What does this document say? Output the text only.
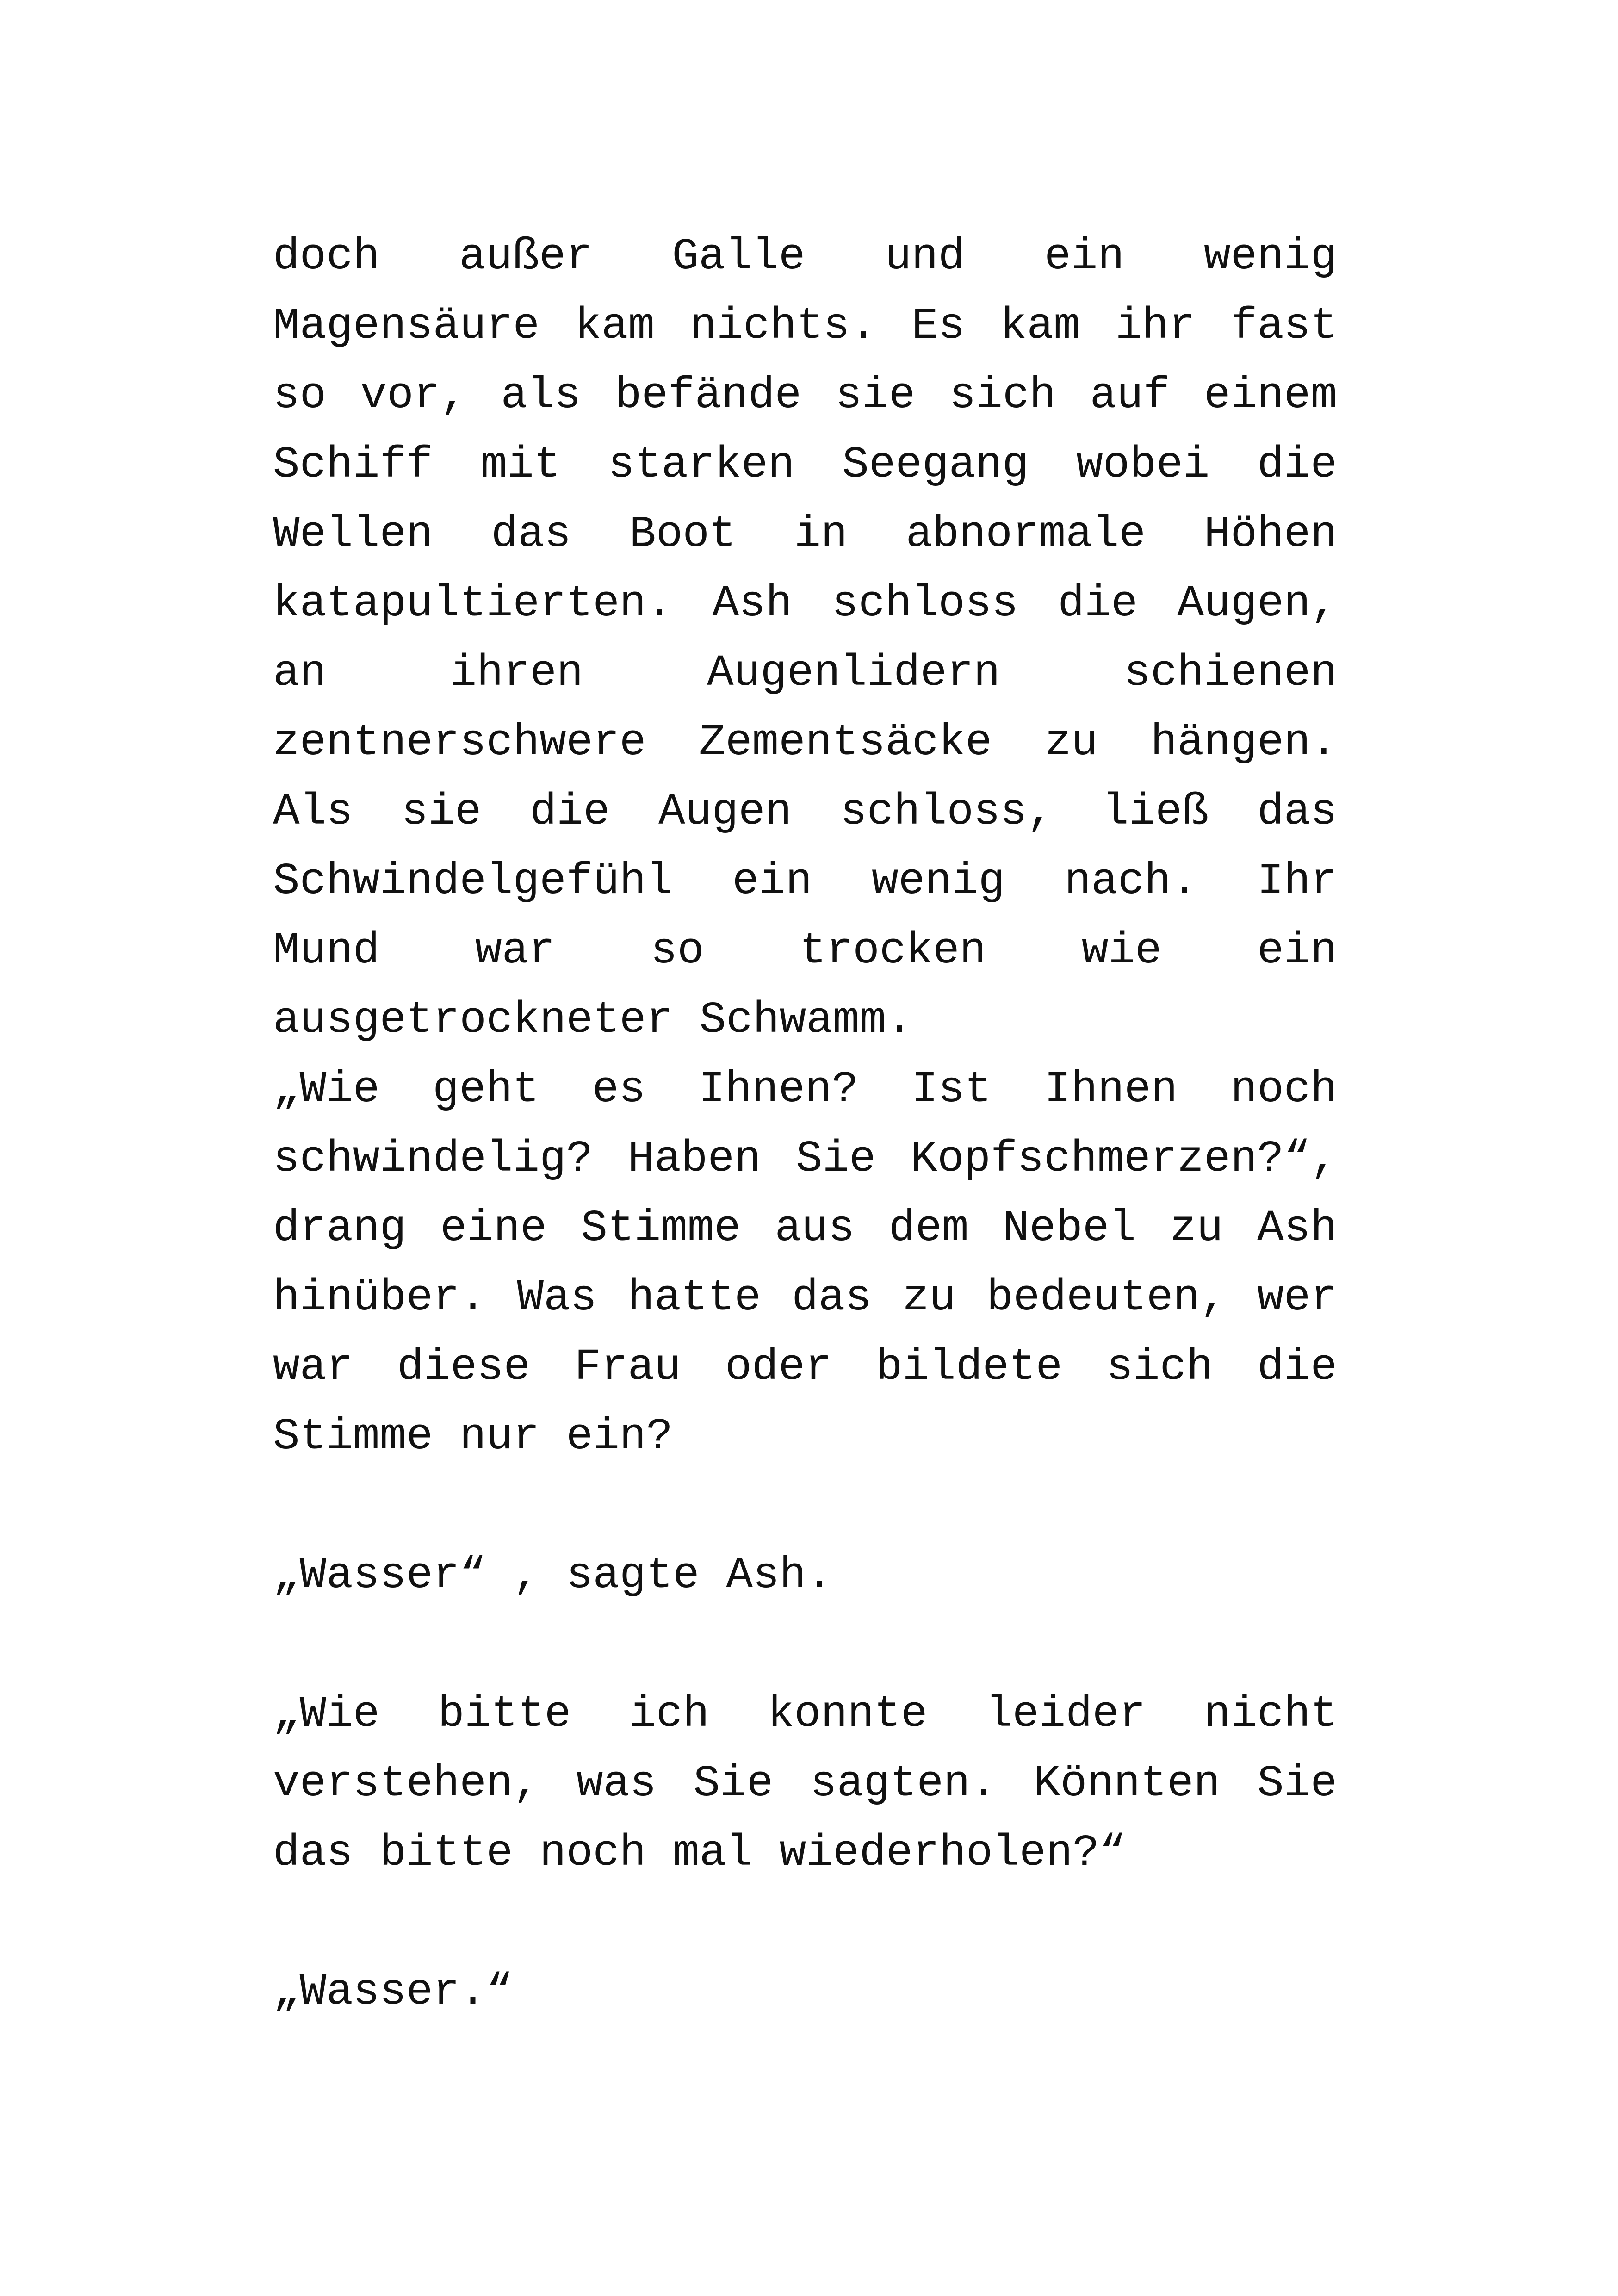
doch außer Galle und ein wenig Magensäure kam nichts. Es kam ihr fast so vor, als befände sie sich auf einem Schiff mit starken Seegang wobei die Wellen das Boot in abnormale Höhen katapultierten. Ash schloss die Augen, an ihren Augenlidern schienen zentnerschwere Zementsäcke zu hängen. Als sie die Augen schloss, ließ das Schwindelgefühl ein wenig nach. Ihr Mund war so trocken wie ein ausgetrockneter Schwamm.

„Wie geht es Ihnen? Ist Ihnen noch schwindelig? Haben Sie Kopfschmerzen?“, drang eine Stimme aus dem Nebel zu Ash hinüber. Was hatte das zu bedeuten, wer war diese Frau oder bildete sich die Stimme nur ein?

„Wasser“ , sagte Ash.

„Wie bitte ich konnte leider nicht verstehen, was Sie sagten. Könnten Sie das bitte noch mal wiederholen?“

„Wasser.“
